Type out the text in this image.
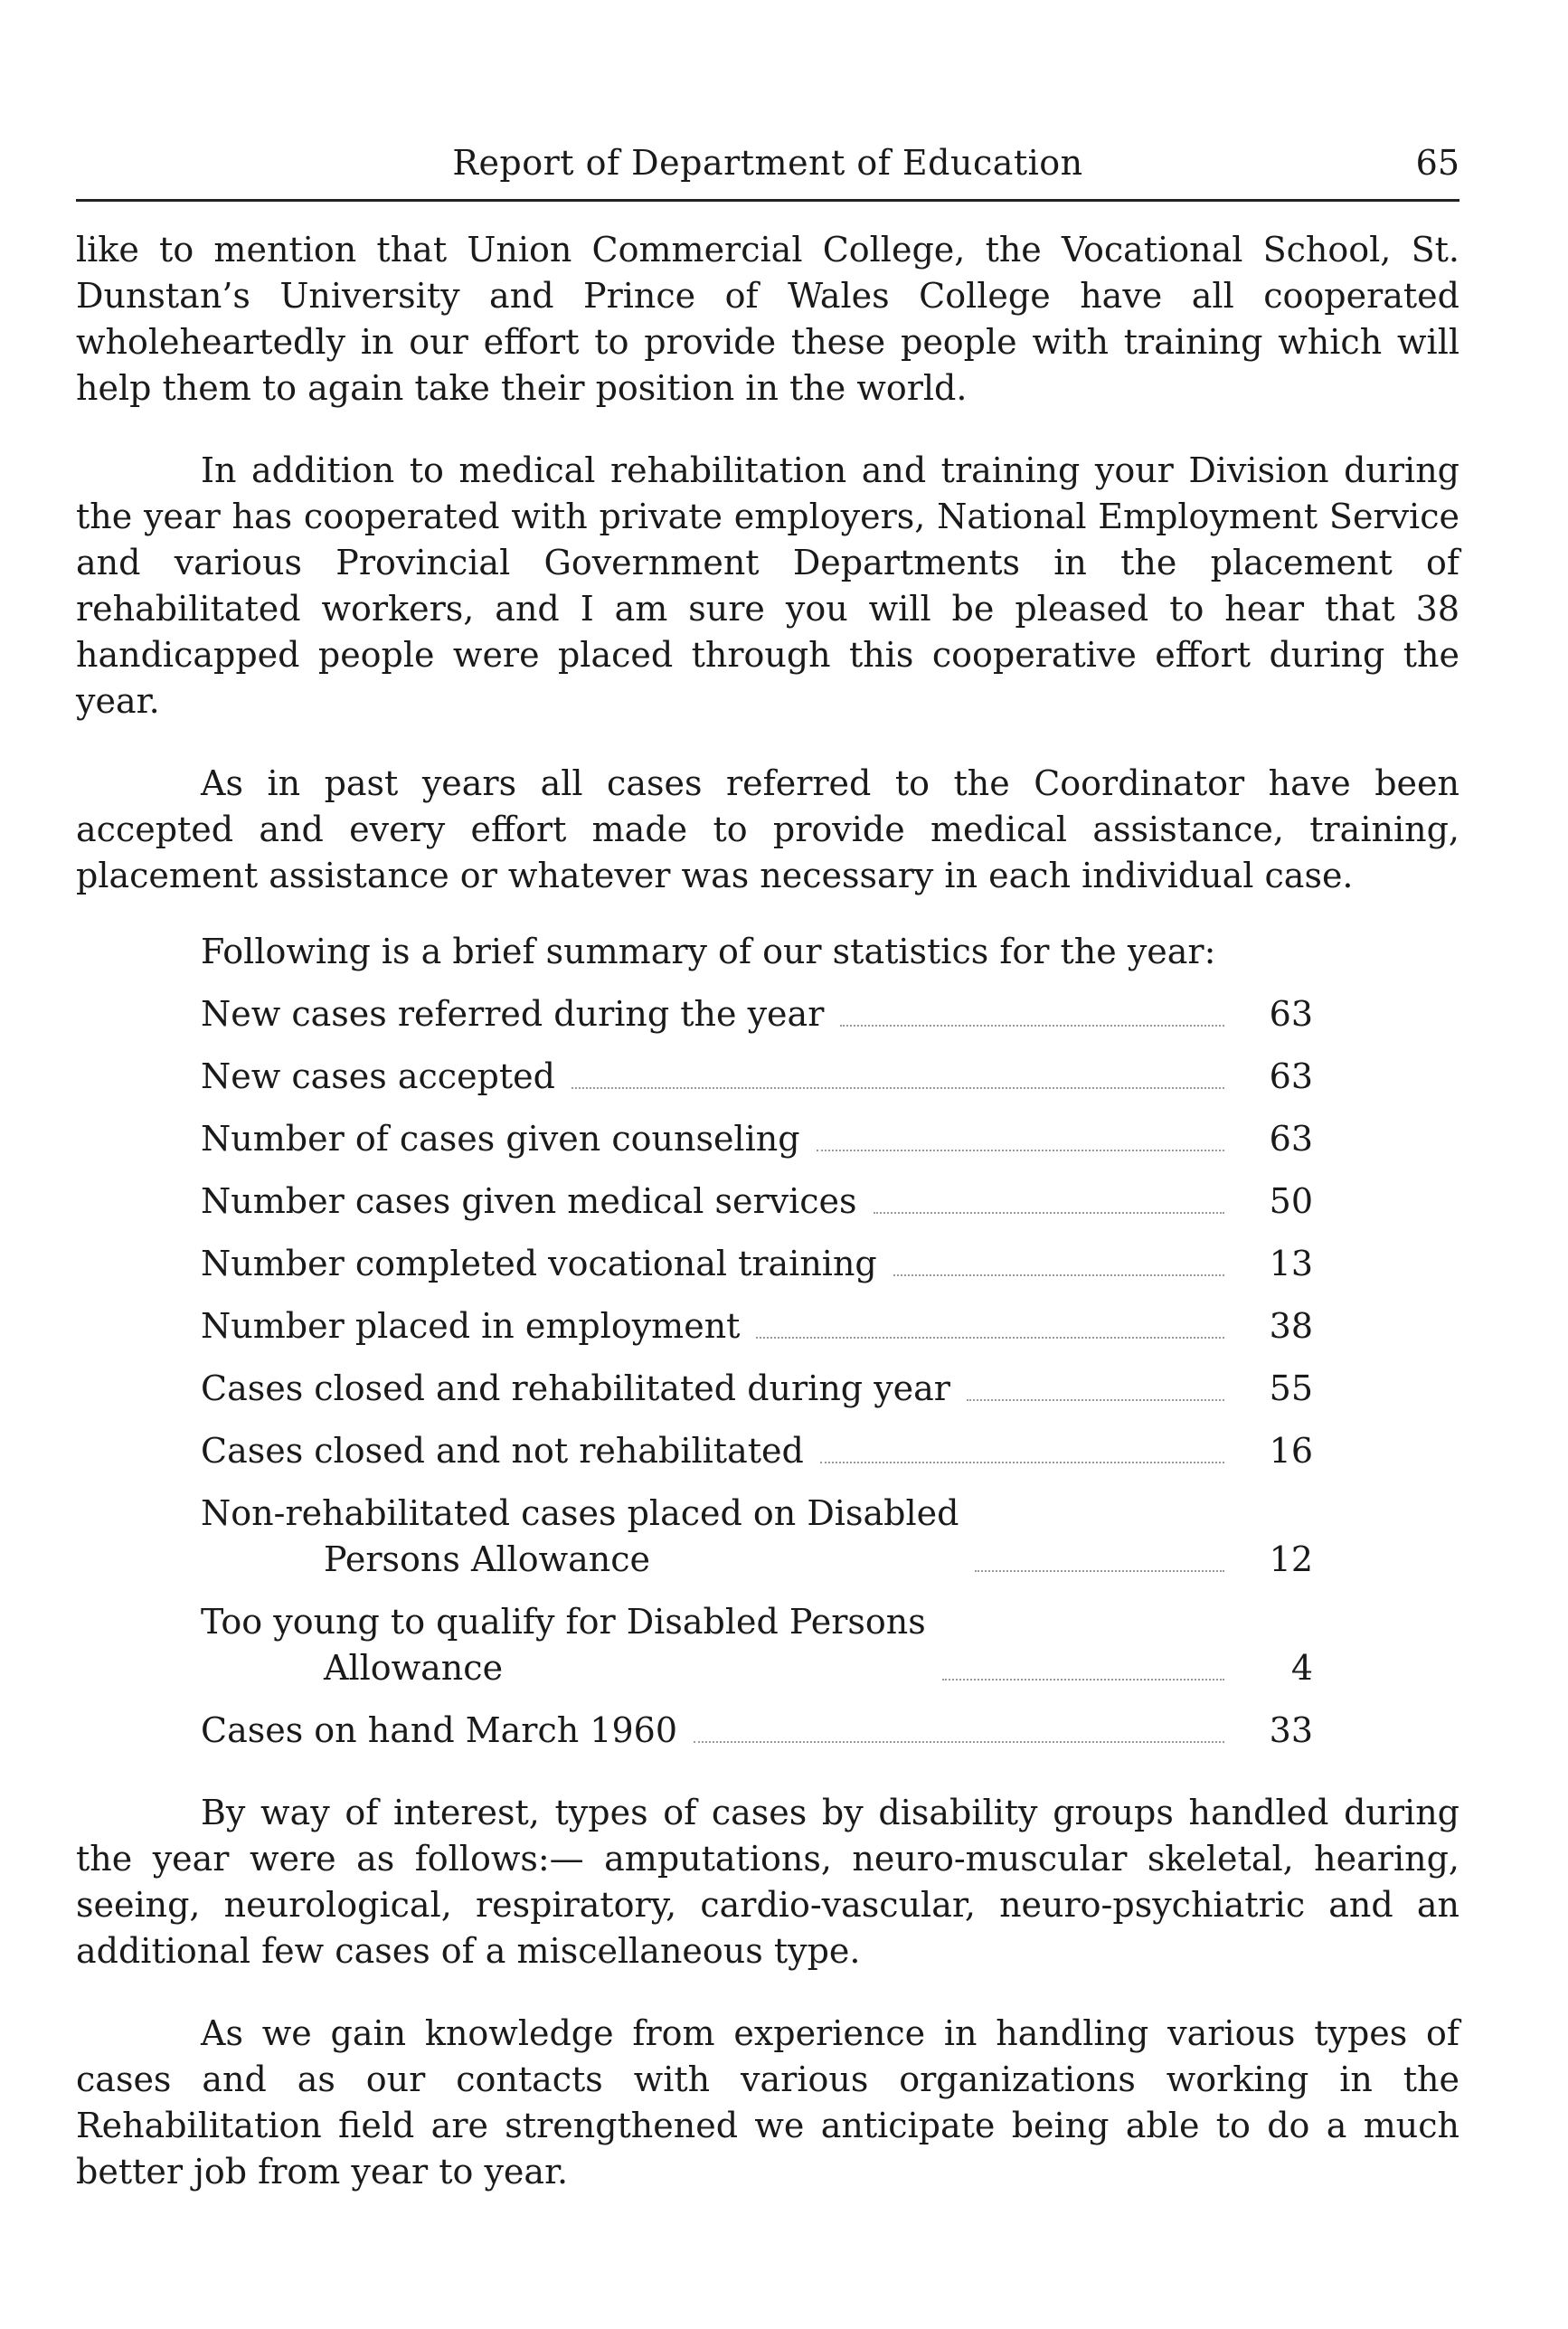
Report of Department of Education	65

like to mention that Union Commercial College, the Vocational School, St. Dunstan’s University and Prince of Wales College have all cooperated wholeheartedly in our effort to provide these people with training which will help them to again take their position in the world.

In addition to medical rehabilitation and training your Division during the year has cooperated with private employers, National Employment Service and various Provincial Government Departments in the placement of rehabilitated workers, and I am sure you will be pleased to hear that 38 handicapped people were placed through this cooperative effort during the year.

As in past years all cases referred to the Coordinator have been accepted and every effort made to provide medical assistance, training, placement assistance or whatever was necessary in each individual case.

Following is a brief summary of our statistics for the year:

New cases referred during the year	63
New cases accepted	63
Number of cases given counseling	63
Number cases given medical services	50
Number completed vocational training	13
Number placed in employment	38
Cases closed and rehabilitated during year	55
Cases closed and not rehabilitated	16
Non-rehabilitated cases placed on Disabled
Persons Allowance	12
Too young to qualify for Disabled Persons
Allowance	4
Cases on hand March 1960	33

By way of interest, types of cases by disability groups handled during the year were as follows:— amputations, neuro-muscular skeletal, hearing, seeing, neurological, respiratory, cardio-vascular, neuro-psychiatric and an additional few cases of a miscellaneous type.

As we gain knowledge from experience in handling various types of cases and as our contacts with various organizations working in the Rehabilitation field are strengthened we anticipate being able to do a much better job from year to year.
